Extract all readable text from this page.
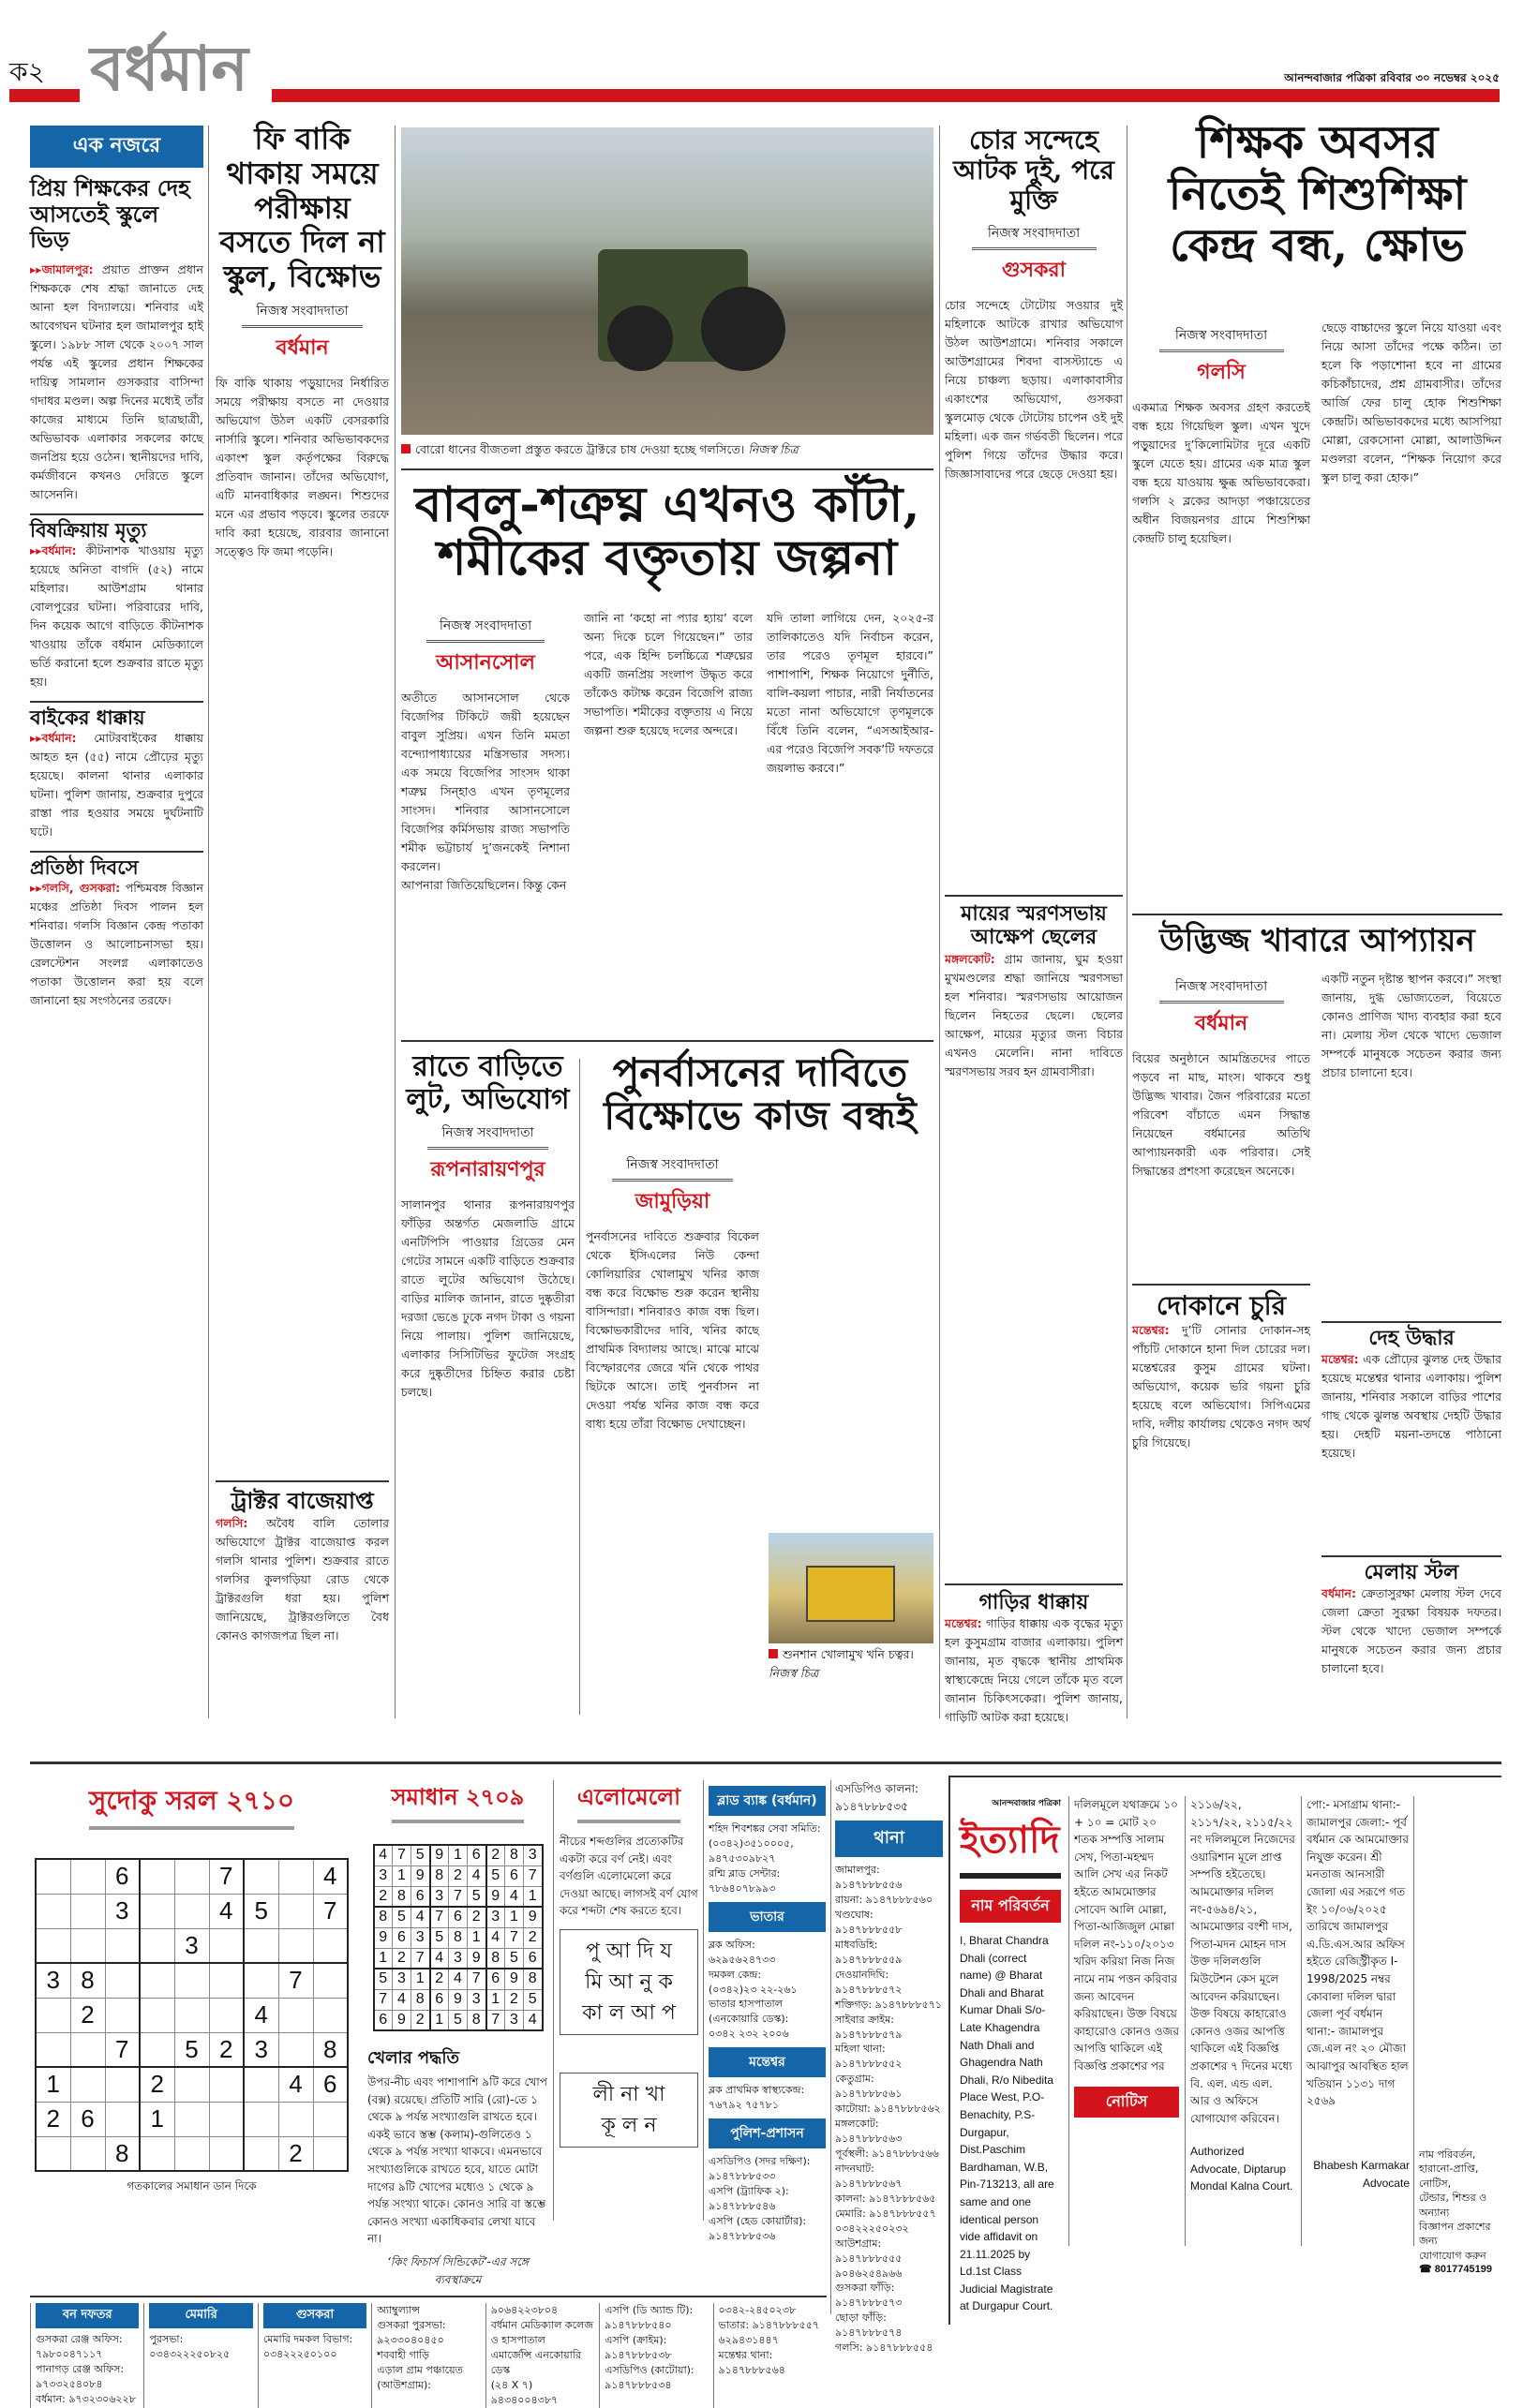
ক২ বর্ধমান	আনন্দবাজার পত্রিকা রবিবার ৩০ নভেম্বর ২০২৫
এক নজরে
প্রিয় শিক্ষকের দেহ আসতেই স্কুলে ভিড়
▸▸জামালপুর: প্রয়াত প্রাক্তন প্রধান শিক্ষককে শেষ শ্রদ্ধা জানাতে দেহ আনা হল বিদ্যালয়ে। শনিবার এই আবেগঘন ঘটনার হল জামালপুর হাই স্কুলে। ১৯৮৮ সাল থেকে ২০০৭ সাল পর্যন্ত এই স্কুলের প্রধান শিক্ষকের দায়িত্ব সামলান গুসকরার বাসিন্দা গদাধর মণ্ডল। অল্প দিনের মধ্যেই তাঁর কাজের মাধ্যমে তিনি ছাত্রছাত্রী, অভিভাবক এলাকার সকলের কাছে জনপ্রিয় হয়ে ওঠেন। স্থানীয়দের দাবি, কর্মজীবনে কখনও দেরিতে স্কুলে আসেননি।
বিষক্রিয়ায় মৃত্যু
▸▸বর্ধমান: কীটনাশক খাওয়ায় মৃত্যু হয়েছে অনিতা বাগদি (৫২) নামে মহিলার। আউশগ্রাম থানার বোলপুরের ঘটনা। পরিবারের দাবি, দিন কয়েক আগে বাড়িতে কীটনাশক খাওয়ায় তাঁকে বর্ধমান মেডিক্যালে ভর্তি করানো হলে শুক্রবার রাতে মৃত্যু হয়।
বাইকের ধাক্কায়
▸▸বর্ধমান: মোটরবাইকের ধাক্কায় আহত হন (৫৫) নামে প্রৌঢ়ের মৃত্যু হয়েছে। কালনা থানার এলাকার ঘটনা। পুলিশ জানায়, শুক্রবার দুপুরে রাস্তা পার হওয়ার সময়ে দুর্ঘটনাটি ঘটে।
প্রতিষ্ঠা দিবসে
▸▸গলসি, গুসকরা: পশ্চিমবঙ্গ বিজ্ঞান মঞ্চের প্রতিষ্ঠা দিবস পালন হল শনিবার। গলসি বিজ্ঞান কেন্দ্র পতাকা উত্তোলন ও আলোচনাসভা হয়। রেলস্টেশন সংলগ্ন এলাকাতেও পতাকা উত্তোলন করা হয় বলে জানানো হয় সংগঠনের তরফে।
ফি বাকি থাকায় সময়ে পরীক্ষায় বসতে দিল না স্কুল, বিক্ষোভ
নিজস্ব সংবাদদাতা
বর্ধমান
ফি বাকি থাকায় পড়ুয়াদের নির্ধারিত সময়ে পরীক্ষায় বসতে না দেওয়ার অভিযোগ উঠল একটি বেসরকারি নার্সারি স্কুলে। শনিবার অভিভাবকদের একাংশ স্কুল কর্তৃপক্ষের বিরুদ্ধে প্রতিবাদ জানান। তাঁদের অভিযোগ, এটি মানবাধিকার লঙ্ঘন। শিশুদের মনে এর প্রভাব পড়বে। স্কুলের তরফে দাবি করা হয়েছে, বারবার জানানো সত্ত্বেও ফি জমা পড়েনি।
ট্রাক্টর বাজেয়াপ্ত
গলসি: অবৈধ বালি তোলার অভিযোগে ট্রাক্টর বাজেয়াপ্ত করল গলসি থানার পুলিশ। শুক্রবার রাতে গলসির কুলগড়িয়া রোড থেকে ট্রাক্টরগুলি ধরা হয়। পুলিশ জানিয়েছে, ট্রাক্টরগুলিতে বৈধ কোনও কাগজপত্র ছিল না।
বোরো ধানের বীজতলা প্রস্তুত করতে ট্রাক্টরে চাষ দেওয়া হচ্ছে গলসিতে। নিজস্ব চিত্র
বাবলু-শত্রুঘ্ন এখনও কাঁটা, শমীকের বক্তৃতায় জল্পনা
নিজস্ব সংবাদদাতা
আসানসোল
অতীতে আসানসোল থেকে বিজেপির টিকিটে জয়ী হয়েছেন বাবুল সুপ্রিয়। এখন তিনি মমতা বন্দ্যোপাধ্যায়ের মন্ত্রিসভার সদস্য। এক সময়ে বিজেপির সাংসদ থাকা শত্রুঘ্ন সিন্‌হাও এখন তৃণমূলের সাংসদ। শনিবার আসানসোলে বিজেপির কর্মিসভায় রাজ্য সভাপতি শমীক ভট্টাচার্য দু’জনকেই নিশানা করলেন।
আপনারা জিতিয়েছিলেন। কিন্তু কেন
জানি না ‘কহো না প্যার হ্যায়’ বলে অন্য দিকে চলে গিয়েছেন।” তার পরে, এক হিন্দি চলচ্চিত্রে শত্রুঘ্নের একটি জনপ্রিয় সংলাপ উদ্ধৃত করে তাঁকেও কটাক্ষ করেন বিজেপি রাজ্য সভাপতি। শমীকের বক্তৃতায় এ নিয়ে জল্পনা শুরু হয়েছে দলের অন্দরে।
যদি তালা লাগিয়ে দেন, ২০২৫-র তালিকাতেও যদি নির্বাচন করেন, তার পরেও তৃণমূল হারবে।” পাশাপাশি, শিক্ষক নিয়োগে দুর্নীতি, বালি-কয়লা পাচার, নারী নির্যাতনের মতো নানা অভিযোগে তৃণমূলকে বিঁধে তিনি বলেন, “এসআইআর-এর পরেও বিজেপি সবক’টি দফতরে জয়লাভ করবে।”
রাতে বাড়িতে লুট, অভিযোগ
নিজস্ব সংবাদদাতা
রূপনারায়ণপুর
সালানপুর থানার রূপনারায়ণপুর ফাঁড়ির অন্তর্গত মেজলাডি গ্রামে এনটিপিসি পাওয়ার গ্রিডের মেন গেটের সামনে একটি বাড়িতে শুক্রবার রাতে লুটের অভিযোগ উঠেছে। বাড়ির মালিক জানান, রাতে দুষ্কৃতীরা দরজা ভেঙে ঢুকে নগদ টাকা ও গয়না নিয়ে পালায়। পুলিশ জানিয়েছে, এলাকার সিসিটিভির ফুটেজ সংগ্রহ করে দুষ্কৃতীদের চিহ্নিত করার চেষ্টা চলছে।
পুনর্বাসনের দাবিতে বিক্ষোভে কাজ বন্ধই
নিজস্ব সংবাদদাতা
জামুড়িয়া
পুনর্বাসনের দাবিতে শুক্রবার বিকেল থেকে ইসিএলের নিউ কেন্দা কোলিয়ারির খোলামুখ খনির কাজ বন্ধ করে বিক্ষোভ শুরু করেন স্থানীয় বাসিন্দারা। শনিবারও কাজ বন্ধ ছিল। বিক্ষোভকারীদের দাবি, খনির কাছে প্রাথমিক বিদ্যালয় আছে। মাঝে মাঝে বিস্ফোরণের জেরে খনি থেকে পাথর ছিটকে আসে। তাই পুনর্বাসন না দেওয়া পর্যন্ত খনির কাজ বন্ধ করে বাধ্য হয়ে তাঁরা বিক্ষোভ দেখাচ্ছেন।
শুনশান খোলামুখ খনি চত্বর। নিজস্ব চিত্র
চোর সন্দেহে আটক দুই, পরে মুক্তি
নিজস্ব সংবাদদাতা
গুসকরা
চোর সন্দেহে টোটোয় সওয়ার দুই মহিলাকে আটকে রাখার অভিযোগ উঠল আউশগ্রামে। শনিবার সকালে আউশগ্রামের শিবদা বাসস্ট্যান্ডে এ নিয়ে চাঞ্চল্য ছড়ায়। এলাকাবাসীর একাংশের অভিযোগ, গুসকরা স্কুলমোড় থেকে টোটোয় চাপেন ওই দুই মহিলা। এক জন গর্ভবতী ছিলেন। পরে পুলিশ গিয়ে তাঁদের উদ্ধার করে। জিজ্ঞাসাবাদের পরে ছেড়ে দেওয়া হয়।
মায়ের স্মরণসভায় আক্ষেপ ছেলের
মঙ্গলকোট: গ্রাম জানায়, ঘুম হওয়া মুখমণ্ডলের শ্রদ্ধা জানিয়ে স্মরণসভা হল শনিবার। স্মরণসভায় আয়োজন ছিলেন নিহতের ছেলে। ছেলের আক্ষেপ, মায়ের মৃত্যুর জন্য বিচার এখনও মেলেনি। নানা দাবিতে স্মরণসভায় সরব হন গ্রামবাসীরা।
গাড়ির ধাক্কায়
মন্তেশ্বর: গাড়ির ধাক্কায় এক বৃদ্ধের মৃত্যু হল কুসুমগ্রাম বাজার এলাকায়। পুলিশ জানায়, মৃত বৃদ্ধকে স্থানীয় প্রাথমিক স্বাস্থ্যকেন্দ্রে নিয়ে গেলে তাঁকে মৃত বলে জানান চিকিৎসকেরা। পুলিশ জানায়, গাড়িটি আটক করা হয়েছে।
শিক্ষক অবসর নিতেই শিশুশিক্ষা কেন্দ্র বন্ধ, ক্ষোভ
নিজস্ব সংবাদদাতা
গলসি
একমাত্র শিক্ষক অবসর গ্রহণ করতেই বন্ধ হয়ে গিয়েছিল স্কুল। এখন খুদে পড়ুয়াদের দু’কিলোমিটার দূরে একটি স্কুলে যেতে হয়। গ্রামের এক মাত্র স্কুল বন্ধ হয়ে যাওয়ায় ক্ষুব্ধ অভিভাবকেরা। গলসি ২ ব্লকের আদড়া পঞ্চায়েতের অধীন বিজয়নগর গ্রামে শিশুশিক্ষা কেন্দ্রটি চালু হয়েছিল।
ছেড়ে বাচ্চাদের স্কুলে নিয়ে যাওয়া এবং নিয়ে আসা তাঁদের পক্ষে কঠিন। তা হলে কি পড়াশোনা হবে না গ্রামের কচিকাঁচাদের, প্রশ্ন গ্রামবাসীর। তাঁদের আর্জি ফের চালু হোক শিশুশিক্ষা কেন্দ্রটি। অভিভাবকদের মধ্যে আসপিয়া মোল্লা, রেকসোনা মোল্লা, আলাউদ্দিন মণ্ডলরা বলেন, “শিক্ষক নিয়োগ করে স্কুল চালু করা হোক।”
উদ্ভিজ্জ খাবারে আপ্যায়ন
নিজস্ব সংবাদদাতা
বর্ধমান
বিয়ের অনুষ্ঠানে আমন্ত্রিতদের পাতে পড়বে না মাছ, মাংস। থাকবে শুধু উদ্ভিজ্জ খাবার। জৈন পরিবারের মতো পরিবেশ বাঁচাতে এমন সিদ্ধান্ত নিয়েছেন বর্ধমানের অতিথি আপ্যায়নকারী এক পরিবার। সেই সিদ্ধান্তের প্রশংসা করেছেন অনেকে।
একটি নতুন দৃষ্টান্ত স্থাপন করবে।” সংস্থা জানায়, দুগ্ধ ভোজ্যতেল, বিয়েতে কোনও প্রাণিজ খাদ্য ব্যবহার করা হবে না। মেলায় স্টল থেকে খাদ্যে ভেজাল সম্পর্কে মানুষকে সচেতন করার জন্য প্রচার চালানো হবে।
দোকানে চুরি
মন্তেশ্বর: দু’টি সোনার দোকান-সহ পাঁচটি দোকানে হানা দিল চোরের দল। মন্তেশ্বরের কুসুম গ্রামের ঘটনা। অভিযোগ, কয়েক ভরি গয়না চুরি হয়েছে বলে অভিযোগ। সিপিএমের দাবি, দলীয় কার্যালয় থেকেও নগদ অর্থ চুরি গিয়েছে।
দেহ উদ্ধার
মন্তেশ্বর: এক প্রৌঢ়ের ঝুলন্ত দেহ উদ্ধার হয়েছে মন্তেশ্বর থানার এলাকায়। পুলিশ জানায়, শনিবার সকালে বাড়ির পাশের গাছ থেকে ঝুলন্ত অবস্থায় দেহটি উদ্ধার হয়। দেহটি ময়না-তদন্তে পাঠানো হয়েছে।
মেলায় স্টল
বর্ধমান: ক্রেতাসুরক্ষা মেলায় স্টল দেবে জেলা ক্রেতা সুরক্ষা বিষয়ক দফতর। স্টল থেকে খাদ্যে ভেজাল সম্পর্কে মানুষকে সচেতন করার জন্য প্রচার চালানো হবে।
সুদোকু সরল ২৭১০
		6			7			4
		3			4	5		7
				3				
3	8						7	
	2					4		
		7		5	2	3		8
1			2				4	6
2	6		1					
		8					2	
গতকালের সমাধান ডান দিকে
সমাধান ২৭০৯
4	7	5	9	1	6	2	8	3
3	1	9	8	2	4	5	6	7
2	8	6	3	7	5	9	4	1
8	5	4	7	6	2	3	1	9
9	6	3	5	8	1	4	7	2
1	2	7	4	3	9	8	5	6
5	3	1	2	4	7	6	9	8
7	4	8	6	9	3	1	2	5
6	9	2	1	5	8	7	3	4
খেলার পদ্ধতি
উপর-নীচ এবং পাশাপাশি ৯টি করে খোপ (বক্স) রয়েছে। প্রতিটি সারি (রো)-তে ১ থেকে ৯ পর্যন্ত সংখ্যাগুলি রাখতে হবে। একই ভাবে স্তম্ভ (কলাম)-গুলিতেও ১ থেকে ৯ পর্যন্ত সংখ্যা থাকবে। এমনভাবে সংখ্যাগুলিকে রাখতে হবে, যাতে মোটা দাগের ৯টি খোপের মধ্যেও ১ থেকে ৯ পর্যন্ত সংখ্যা থাকে। কোনও সারি বা স্তম্ভে কোনও সংখ্যা একাধিকবার লেখা যাবে না।
‘কিং ফিচার্স সিন্ডিকেট’-এর সঙ্গে ব্যবস্থাক্রমে
এলোমেলো
নীচের শব্দগুলির প্রত্যেকটির একটা করে বর্ণ নেই। এবং বর্ণগুলি এলোমেলো করে দেওয়া আছে। লাগসই বর্ণ যোগ করে শব্দটা শেষ করতে হবে।
পু আ দি য
মি আ নু ক
কা ল আ প
লী না খা
কূ ল ন
ব্লাড ব্যাঙ্ক (বর্ধমান)
শহিদ শিবশঙ্কর সেবা সমিতি:
(০৩৪২)৩৫১০০০৫,
৯৪৭৫৩০৯৮২৭
রশ্মি ব্লাড সেন্টার:
৭৮৬৪০৭৮৯৯৩
ভাতার
ব্লক অফিস:
৬২৯৫৬২৪৭৩৩
দমকল কেন্দ্র:
(০৩৪২)২৩ ২২-২৬১
ভাতার হাসপাতাল
(এনকোয়ারি ডেস্ক):
০৩৪২ ২৩২ ২০০৬
মন্তেশ্বর
ব্লক প্রাথমিক স্বাস্থ্যকেন্দ্র:
৭৬৭৯২ ৭৫৭৮১
পুলিশ-প্রশাসন
এসডিপিও (সদর দক্ষিণ):
৯১৪৭৮৮৮৫৩৩
এসপি (ট্র্যাফিক ২):
৯১৪৭৮৮৮৫৪৬
এসপি (হেড কোয়ার্টার):
৯১৪৭৮৮৮৫৩৬
এসডিপিও কালনা:
৯১৪৭৮৮৮৫৩৫
থানা
জামালপুর: ৯১৪৭৮৮৮৫৫৬
রায়না: ৯১৪৭৮৮৮৫৬০
খণ্ডঘোষ: ৯১৪৭৮৮৮৫৫৮
মাধবডিহি: ৯১৪৭৮৮৮৫৫৯
দেওয়ানদিঘি:
৯১৪৭৮৮৮৫৭২
শক্তিগড়: ৯১৪৭৮৮৮৫৭১
সাইবার ক্রাইম:
৯১৪৭৮৮৮৫৭৯
মহিলা থানা:
৯১৪৭৮৮৮৫৫২
কেতুগ্রাম: ৯১৪৭৮৮৮৫৬১
কাটোয়া: ৯১৪৭৮৮৮৫৬২
মঙ্গলকোট: ৯১৪৭৮৮৮৫৬৩
পূর্বস্থলী: ৯১৪৭৮৮৮৫৬৬
নাদনঘাট: ৯১৪৭৮৮৮৫৬৭
কালনা: ৯১৪৭৮৮৮৫৬৫
মেমারি: ৯১৪৭৮৮৮৫৫৭
০৩৪২২২৫০২৩২
আউশগ্রাম: ৯১৪৭৮৮৮৫৫৫
৯০৪৬২৫৪৯৬৬
গুসকরা ফাঁড়ি:
৯১৪৭৮৮৮৫৭৩
ছোড়া ফাঁড়ি:
৯১৪৭৮৮৮৫৭৪
গলসি: ৯১৪৭৮৮৮৫৫৪
আনন্দবাজার পত্রিকা
ইত্যাদি
নাম পরিবর্তন
I, Bharat Chandra Dhali (correct name) @ Bharat Dhali and Bharat Kumar Dhali S/o- Late Khagendra Nath Dhali and Ghagendra Nath Dhali, R/o Nibedita Place West, P.O-Benachity, P.S-Durgapur, Dist.Paschim Bardhaman, W.B, Pin-713213, all are same and one identical person vide affidavit on 21.11.2025 by Ld.1st Class Judicial Magistrate at Durgapur Court.
দলিলমূলে যথাক্রমে ১০ + ১০ = মোট ২০ শতক সম্পত্তি সালাম সেখ, পিতা-মহম্মদ আলি সেখ এর নিকট হইতে আমমোক্তার সোবেদ আলি মোল্লা, পিতা-আজিজুল মোল্লা দলিল নং-১১০/২০১৩ খরিদ করিয়া নিজ নিজ নামে নাম পত্তন করিবার জন্য আবেদন করিয়াছেন। উক্ত বিষয়ে কাহারোও কোনও ওজর আপত্তি থাকিলে এই বিজ্ঞপ্তি প্রকাশের পর
নোটিস
২১১৬/২২, ২১১৭/২২, ২১১৫/২২ নং দলিলমূলে নিজেদের ওয়ারিশান মূলে প্রাপ্ত সম্পত্তি হইতেছে। আমমোক্তার দলিল নং-৫৬৯৪/২১, আমমোক্তার বংশী দাস, পিতা-মদন মোহন দাস উক্ত দলিলগুলি মিউটেশন কেস মূলে আবেদন করিয়াছেন। উক্ত বিষয়ে কাহারোও কোনও ওজর আপত্তি থাকিলে এই বিজ্ঞপ্তি প্রকাশের ৭ দিনের মধ্যে বি. এল. এন্ড এল. আর ও অফিসে যোগাযোগ করিবেন।
Authorized Advocate, Diptarup Mondal Kalna Court.
পো:- মসাগ্রাম থানা:- জামালপুর জেলা:- পূর্ব বর্ধমান কে আমমোক্তার নিযুক্ত করেন। শ্রী মনতাজ আনসারী জোলা এর সরূপে গত ইং ১০/০৬/২০২৫ তারিখে জামালপুর এ.ডি.এস.আর অফিস হইতে রেজিস্ট্রীকৃত I-1998/2025 নম্বর কোবালা দলিল দ্বারা জেলা পূর্ব বর্ধমান থানা:- জামালপুর জে.এল নং ২০ মৌজা আঝাপুর আবস্থিত হাল খতিয়ান ১১৩১ দাগ ২৫৬৯
Bhabesh Karmakar Advocate
নাম পরিবর্তন,
হারানো-প্রাপ্তি, নোটিস,
টেন্ডার, শিশুর ও অন্যান্য
বিজ্ঞাপন প্রকাশের জন্য
যোগাযোগ করুন
☎ 8017745199
বন দফতর
গুসকরা রেঞ্জ অফিস:
৭৯৮০০৪৭১১৭
পানাগড় রেঞ্জ অফিস:
৯৭৩৩২৫৪০৮৪
বর্ধমান: ৯৭৩২৩০৬২২৮
মেমারি
পুরসভা:
০৩৪৩২২২৫০৮২৫
গুসকরা
মেমারি দমকল বিভাগ:
০৩৪২২২৫০১০০
অ্যাম্বুল্যান্স
গুসকরা পুরসভা:
৯২৩৩০৪০৪৫০
শববাহী গাড়ি
এড়াল গ্রাম পঞ্চায়েত
(আউশগ্রাম):
৯০৬৪২২৩৮০৪
বর্ধমান মেডিক্যাল কলেজ ও হাসপাতাল
এমার্জেন্সি এনকোয়ারি ডেস্ক
(২৪ X ৭)
৯৪৩৪০০৪৩৮৭
এসপি (ডি অ্যান্ড টি):
৯১৪৭৮৮৮৫৪০
এসপি (ক্রাইম):
৯১৪৭৮৮৮৫৩৮
এসডিপিও (কাটোয়া):
৯১৪৭৮৮৮৫৩৪
০৩৪২-২৪৫০২৩৮
ভাতার: ৯১৪৭৮৮৮৫৫৭
৬২৯৪৩১৪৪৭
মন্তেশ্বর থানা:
৯১৪৭৮৮৮৫৬৪
